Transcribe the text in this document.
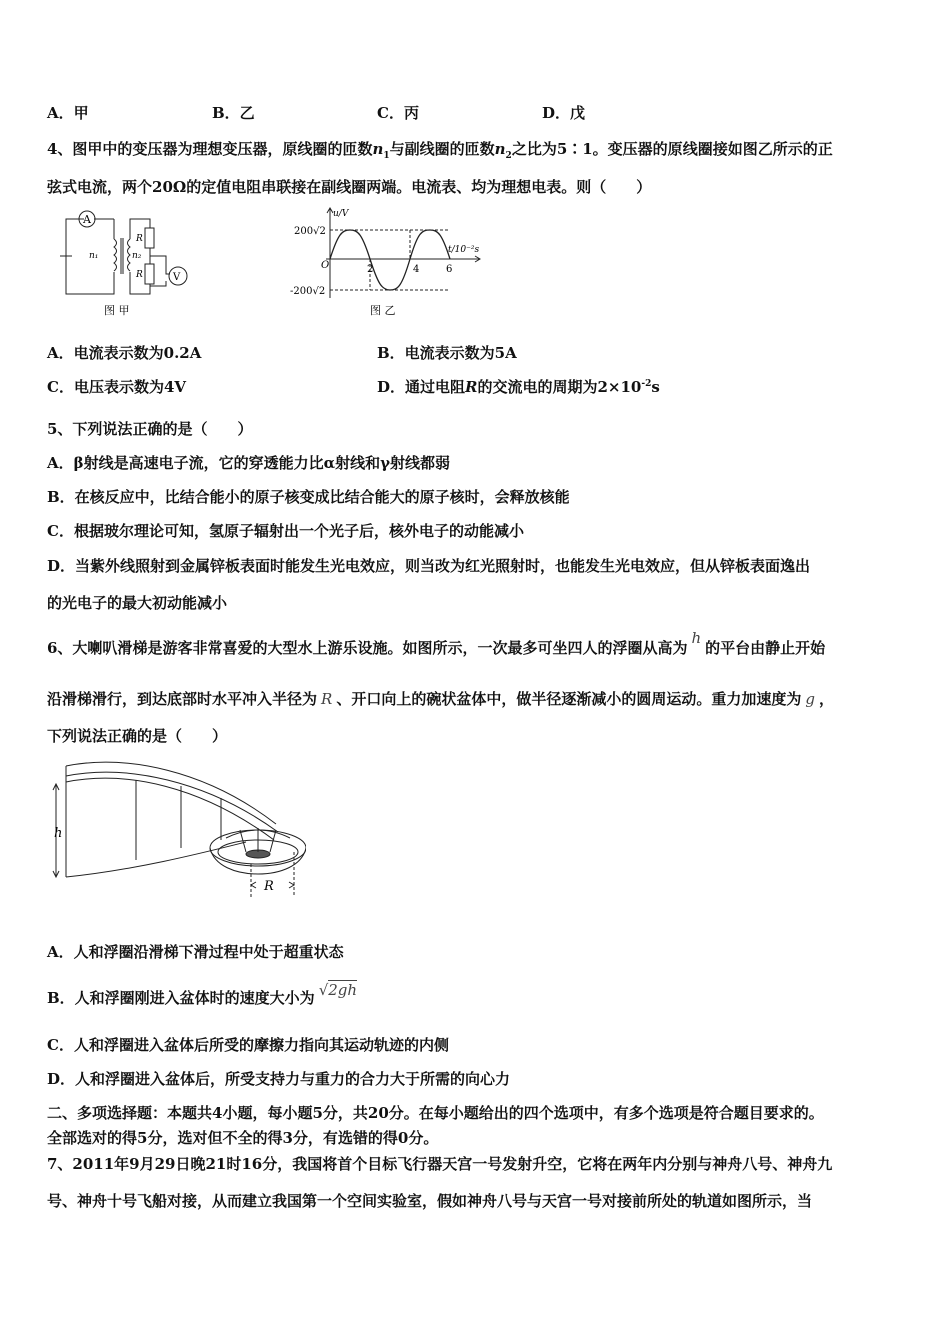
A．甲	B．乙	C．丙	D．戊
4、图甲中的变压器为理想变压器，原线圈的匝数$n_1$与副线圈的匝数$n_2$之比为5∶1。变压器的原线圈接如图乙所示的正
弦式电流，两个20Ω的定值电阻串联接在副线圈两端。电流表、均为理想电表。则（　　）
A
V
n₁	n₂
R
R
图 甲
u/V
200√2
-200√2
O	2	4	6
t/10⁻²s
图 乙
A．电流表示数为0.2A	B．电流表示数为5A
C．电压表示数为4V	D．通过电阻R的交流电的周期为$2\times 10^{-2}s$
5、下列说法正确的是（　　）
A．β射线是高速电子流，它的穿透能力比α射线和γ射线都弱
B．在核反应中，比结合能小的原子核变成比结合能大的原子核时，会释放核能
C．根据玻尔理论可知，氢原子辐射出一个光子后，核外电子的动能减小
D．当紫外线照射到金属锌板表面时能发生光电效应，则当改为红光照射时，也能发生光电效应，但从锌板表面逸出
的光电子的最大初动能减小
6、大喇叭滑梯是游客非常喜爱的大型水上游乐设施。如图所示，一次最多可坐四人的浮圈从高为h的平台由静止开始
沿滑梯滑行，到达底部时水平冲入半径为 R 、开口向上的碗状盆体中，做半径逐渐减小的圆周运动。重力加速度为 g ，
下列说法正确的是（　　）
h
R
A．人和浮圈沿滑梯下滑过程中处于超重状态
B．人和浮圈刚进入盆体时的速度大小为 √2gh
C．人和浮圈进入盆体后所受的摩擦力指向其运动轨迹的内侧
D．人和浮圈进入盆体后，所受支持力与重力的合力大于所需的向心力
二、多项选择题：本题共4小题，每小题5分，共20分。在每小题给出的四个选项中，有多个选项是符合题目要求的。
全部选对的得5分，选对但不全的得3分，有选错的得0分。
7、2011年9月29日晚21时16分，我国将首个目标飞行器天宫一号发射升空，它将在两年内分别与神舟八号、神舟九
号、神舟十号飞船对接，从而建立我国第一个空间实验室，假如神舟八号与天宫一号对接前所处的轨道如图所示，当
